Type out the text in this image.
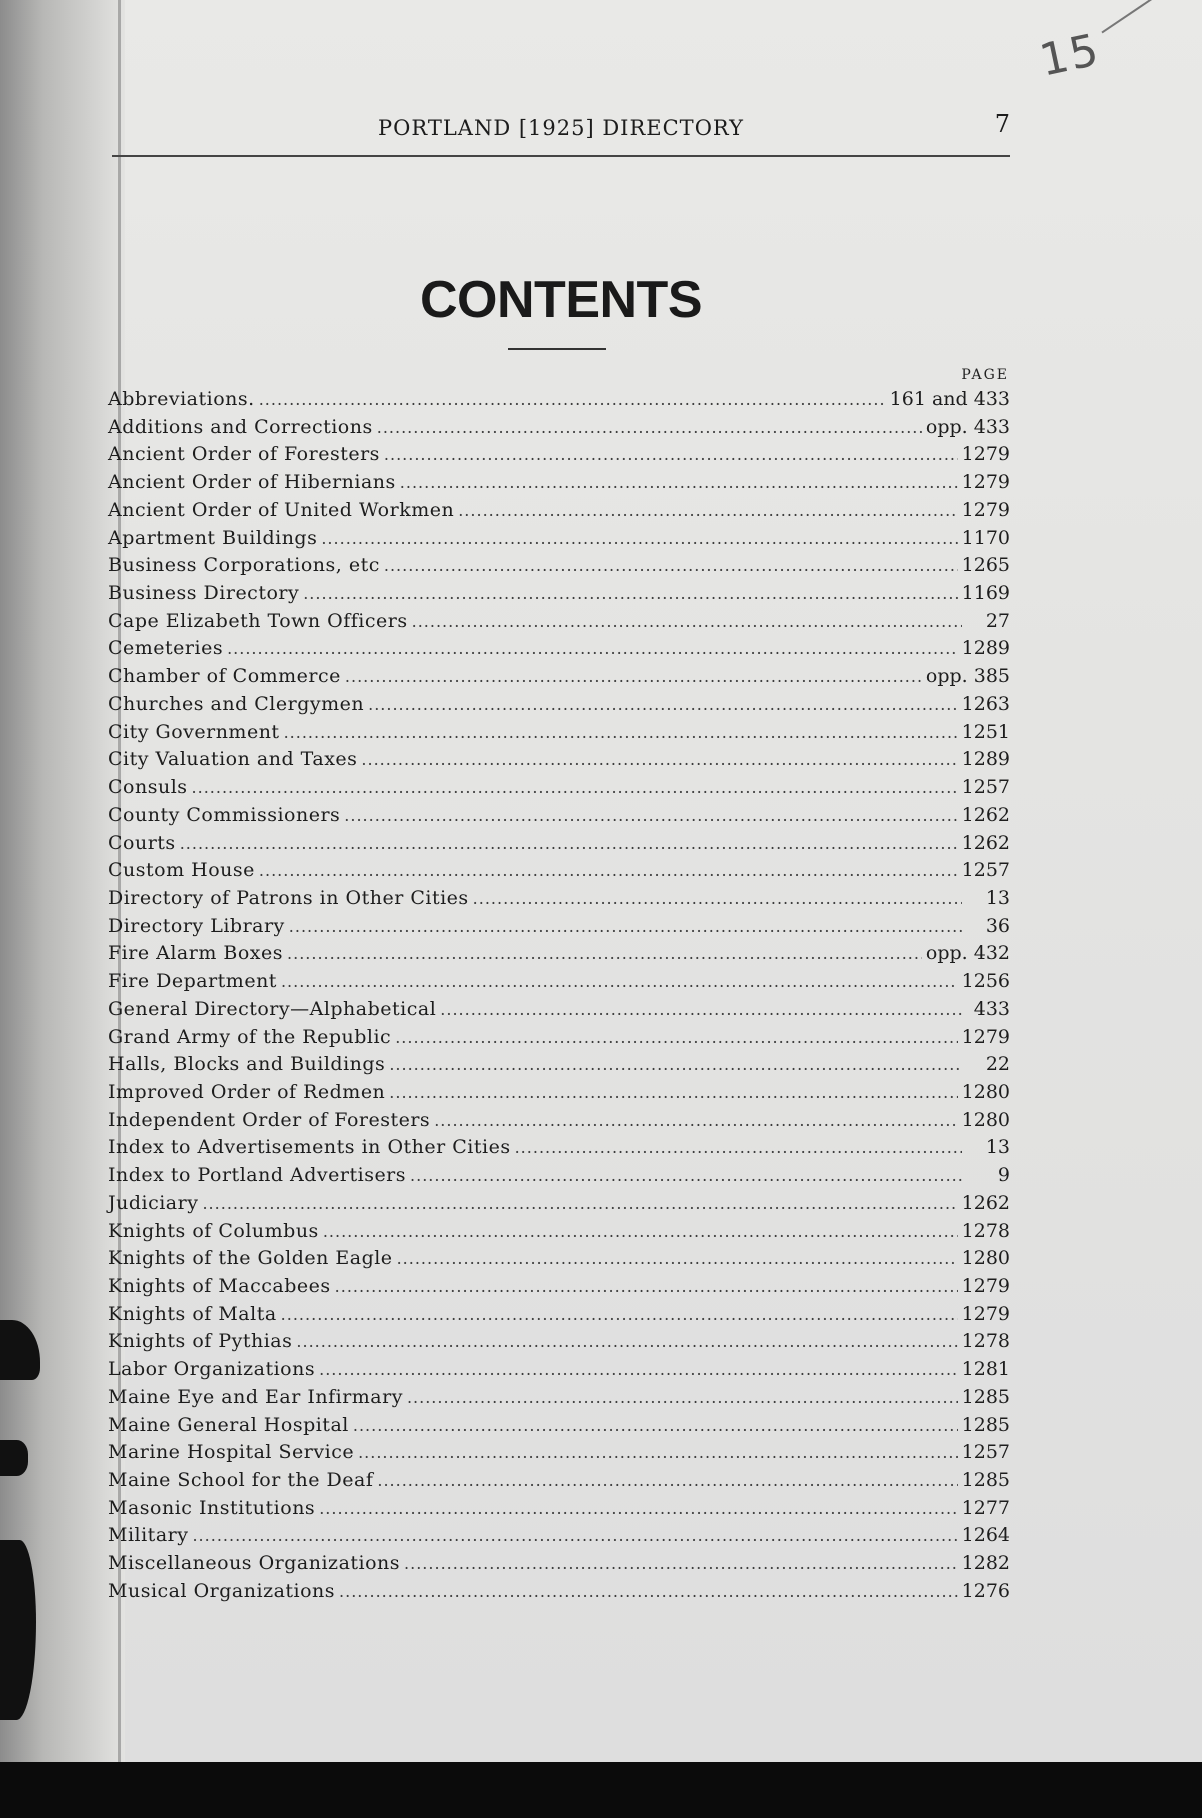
15
PORTLAND [1925] DIRECTORY	7
CONTENTS
PAGE
Abbreviations. .....	161 and 433
Additions and Corrections .....	opp. 433
Ancient Order of Foresters .....	1279
Ancient Order of Hibernians .....	1279
Ancient Order of United Workmen .....	1279
Apartment Buildings .....	1170
Business Corporations, etc .....	1265
Business Directory .....	1169
Cape Elizabeth Town Officers .....	27
Cemeteries .....	1289
Chamber of Commerce .....	opp. 385
Churches and Clergymen .....	1263
City Government .....	1251
City Valuation and Taxes .....	1289
Consuls .....	1257
County Commissioners .....	1262
Courts .....	1262
Custom House .....	1257
Directory of Patrons in Other Cities .....	13
Directory Library .....	36
Fire Alarm Boxes .....	opp. 432
Fire Department .....	1256
General Directory—Alphabetical .....	433
Grand Army of the Republic .....	1279
Halls, Blocks and Buildings .....	22
Improved Order of Redmen .....	1280
Independent Order of Foresters .....	1280
Index to Advertisements in Other Cities .....	13
Index to Portland Advertisers .....	9
Judiciary .....	1262
Knights of Columbus .....	1278
Knights of the Golden Eagle .....	1280
Knights of Maccabees .....	1279
Knights of Malta .....	1279
Knights of Pythias .....	1278
Labor Organizations .....	1281
Maine Eye and Ear Infirmary .....	1285
Maine General Hospital .....	1285
Marine Hospital Service .....	1257
Maine School for the Deaf .....	1285
Masonic Institutions .....	1277
Military .....	1264
Miscellaneous Organizations .....	1282
Musical Organizations .....	1276
